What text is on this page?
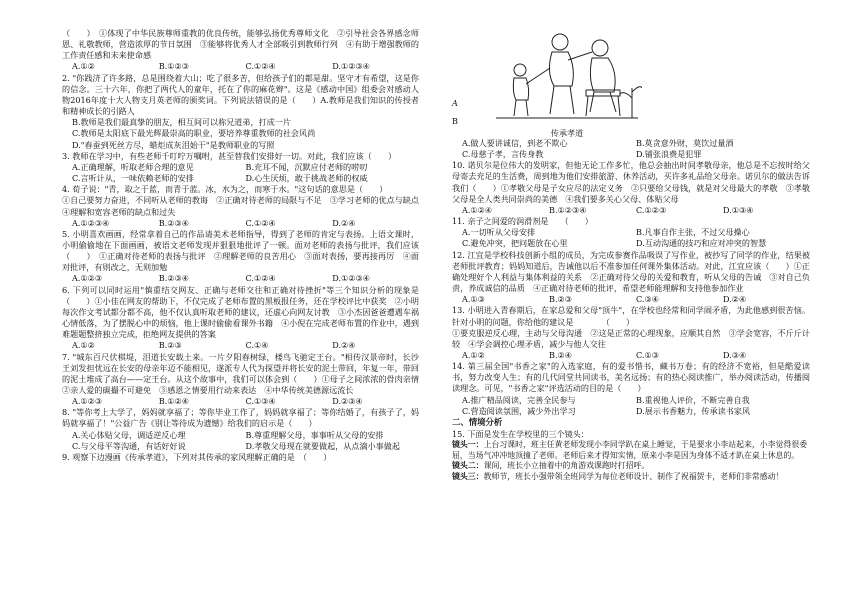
（　　）　①体现了中华民族尊师重教的优良传统，能够弘扬优秀尊师文化　②引导社会各界感念师恩、礼敬教师，营造浓厚的节日氛围　③能够将优秀人才全部吸引到教师行列　④有助于增强教师的工作责任感和未来使命感

A.①②	B.①②③	C.①②④	D.①②③④

2. "你践济了许多路，总是围绕着大山；吃了很多苦，但给孩子们的都是甜。坚守才有希望，这是你的信念。三十六年，你把了两代人的童年，托在了你的麻花辫"。这是《感动中国》组委会对感动人物2016年度十大人物支月英老师的颁奖词。下列说法错误的是（　　）A.教师是我们知识的传授者和精神成长的引路人

B.教师是我们最真挚的朋友，相互间可以称兄道弟，打成一片

C.教师是太阳底下最光辉最崇高的职业，要培养尊重教师的社会风尚

D."春蚕到死丝方尽，蜡炬成灰泪始干"是教师职业的写照

3. 教师在学习中，有些老师千叮咛万嘱咐，甚至替我们安排好一切。对此，我们应该（　　）

A.正确理解，听取老师合理的意见	B.充耳不闻，沉默应付老师的唠叨
C.言听计从，一味依赖老师的安排	D.心生厌烦，敢于挑战老师的权威

4. 荀子说："青，取之于蓝，而青于蓝。冰，水为之，而寒于水。"这句话的意思是（　　）

①自己要努力奋进，不同听从老师的教诲　②正确对待老师的局限与不足　③学习老师的优点与缺点　④理解和宽容老师的缺点和过失

A.①②③④	B.②③④	C.①②④	D.②④

5. 小明喜欢画画，经常拿着自己的作品请美术老师指导，得到了老师的肯定与表扬。上语文课时，小明偷偷地在下面画画，被语文老师发现并狠狠地批评了一顿。面对老师的表扬与批评，我们应该　　（　　）　①正确对待老师的表扬与批评　②理解老师的良苦用心　③面对表扬，要再接再厉　④面对批评，有则改之，无则加勉

A.①②③	B.②③④	C.①②④	D.①②③④

6. 下列可以同时运用"慎重结交网友、正确与老师交往和正确对待挫折"等三个知识分析的现象是　（　　）①小佳在网友的帮助下，不仅完成了老师布置的黑板报任务，还在学校评比中获奖　②小明每次作文考试都分都不高，他不仅认真听取老师的建议，还虚心向网友讨教　③小杰因爸爸遭遇车祸心情低落，为了摆脱心中的烦恼，他上课时偷偷看课外书籍　④小倪在完成老师布置的作业中，遇到难题题整挤独立完成，拒绝网友提供的答案

A.①②	B.②③	C.①④	D.②④

7. "城东百尺伏棋堤，泪道长安载土来。一片夕阳春树绿，楼鸟飞驰定王台。"相传汉景帝时，长沙王刘发担忧远在长安的母亲年迈不能相见，遂派专人代为探望并将长安的泥土带回，年复一年，带回的泥土堆成了高台——定王台。从这个故事中，我们可以体会到（　　）①母子之间浓浓的骨肉亲情　②亲人爱的碳撮不可避免　③感恩之情要用行动来表达　④中华传统美德源远流长

A.①②③	B.①②④	C.①③④	D.②③④

8. "等你考上大学了，妈妈就享福了；等你毕业工作了，妈妈就享福了；等你结婚了，有孩子了，妈妈就享福了！"公益广告《别让等待成为遗憾》给我们的启示是（　　）

A.关心体贴父母，调适逆反心理	B.尊重理解父母，事事听从父母的安排
C.与父母平等沟通，有话好好说	D.孝敬父母现在就要做起，从点滴小事做起

9. 观察下边漫画《传承孝道》，下列对其传承的家风理解正确的是　（　　）

A
B
传承孝道
A.做人要讲诚信，到老不欺心	B.莫贪意外财，莫饮过量酒
C.母慈子孝，言传身教	D.铺张浪费是犯罪

10. 诺贝尔是位伟大的发明家，但他无论工作多忙，他总会抽出时间孝敬母亲，他总是不忘按时给父母寄去充足的生活费，周到地为他们安排旅游、休养活动，买许多礼品给父母亲。诺贝尔的做法告诉我们（　　）①孝敬父母是子女应尽的法定义务　②只要给父母钱，就是对父母最大的孝敬　③孝敬父母是全人类共同崇尚的美德　④我们要多关心父母、体贴父母

A.①②④	B.①②③④	C.①②③	D.①③④

11. 亲子之间爱的润滑剂是　　（　　）

A.一切听从父母安排	B.凡事自作主张，不过父母操心
C.避免冲突，把问题放在心里	D.互动沟通的技巧和应对冲突的智慧

12. 江宜是学校科技创新小组的成员，为完成参赛作品吸误了写作业，被抄写了同学的作业，结果被老师批评教育；妈妈知道后，告诫他以后不准参加任何课外集体活动。对此，江宜应该（　　）①正确处理好个人利益与集体利益的关系　②正确对待父母的关爱和教育，听从父母的告诫　③对自己负责，养成诚信的品质　④正确对待老师的批评，希望老师能理解和支持他参加作业

A.①③	B.②③	C.③④	D.②④

13. 小明进入青春期后，在家总爱和父母"顶牛"，在学校也经常和同学闹矛盾，为此他感到很苦恼。针对小明的问题，你给他的建议是　　　　（　　）

①要克服逆反心理，主动与父母沟通　②这是正常的心理现象，应顺其自然　③学会宽容，不斤斤计较　④学会调控心理矛盾，减少与他人交往

A.①②	B.②④	C.①③	D.③④

14. 第三届全国"书香之家"的入选家庭，有的爱书惜书，藏书万卷；有的经济不宽裕，但是酷爱读书，努力改变人生；有的几代同堂共同读书，美名远扬；有的热心阅读推广，举办阅读活动，传播阅读理念。可见，"书香之家"评选活动的目的是（　　）

A.推广精品阅读，完善全民参与	B.重视他人评价，不断完善自我
C.营造阅读氛围，减少外出学习	D.展示书香魅力，传承读书家风
二、情境分析

15. 下面是发生在学校里的三个镜头：

镜头一：上台习课时，班主任黄老师发现小李同学趴在桌上睡觉，于是要求小李站起来，小李觉得很委屈，当场气冲冲地顶撞了老师。老师后来才得知实情，原来小李是因为身体不适才趴在桌上休息的。

镜头二：课间，班长小立抽着中的角游戏课跑时打招呼。

镜头三：教师节，班长小强带领全班同学为每位老师设计、制作了祝福贺卡，老师们非常感动！
